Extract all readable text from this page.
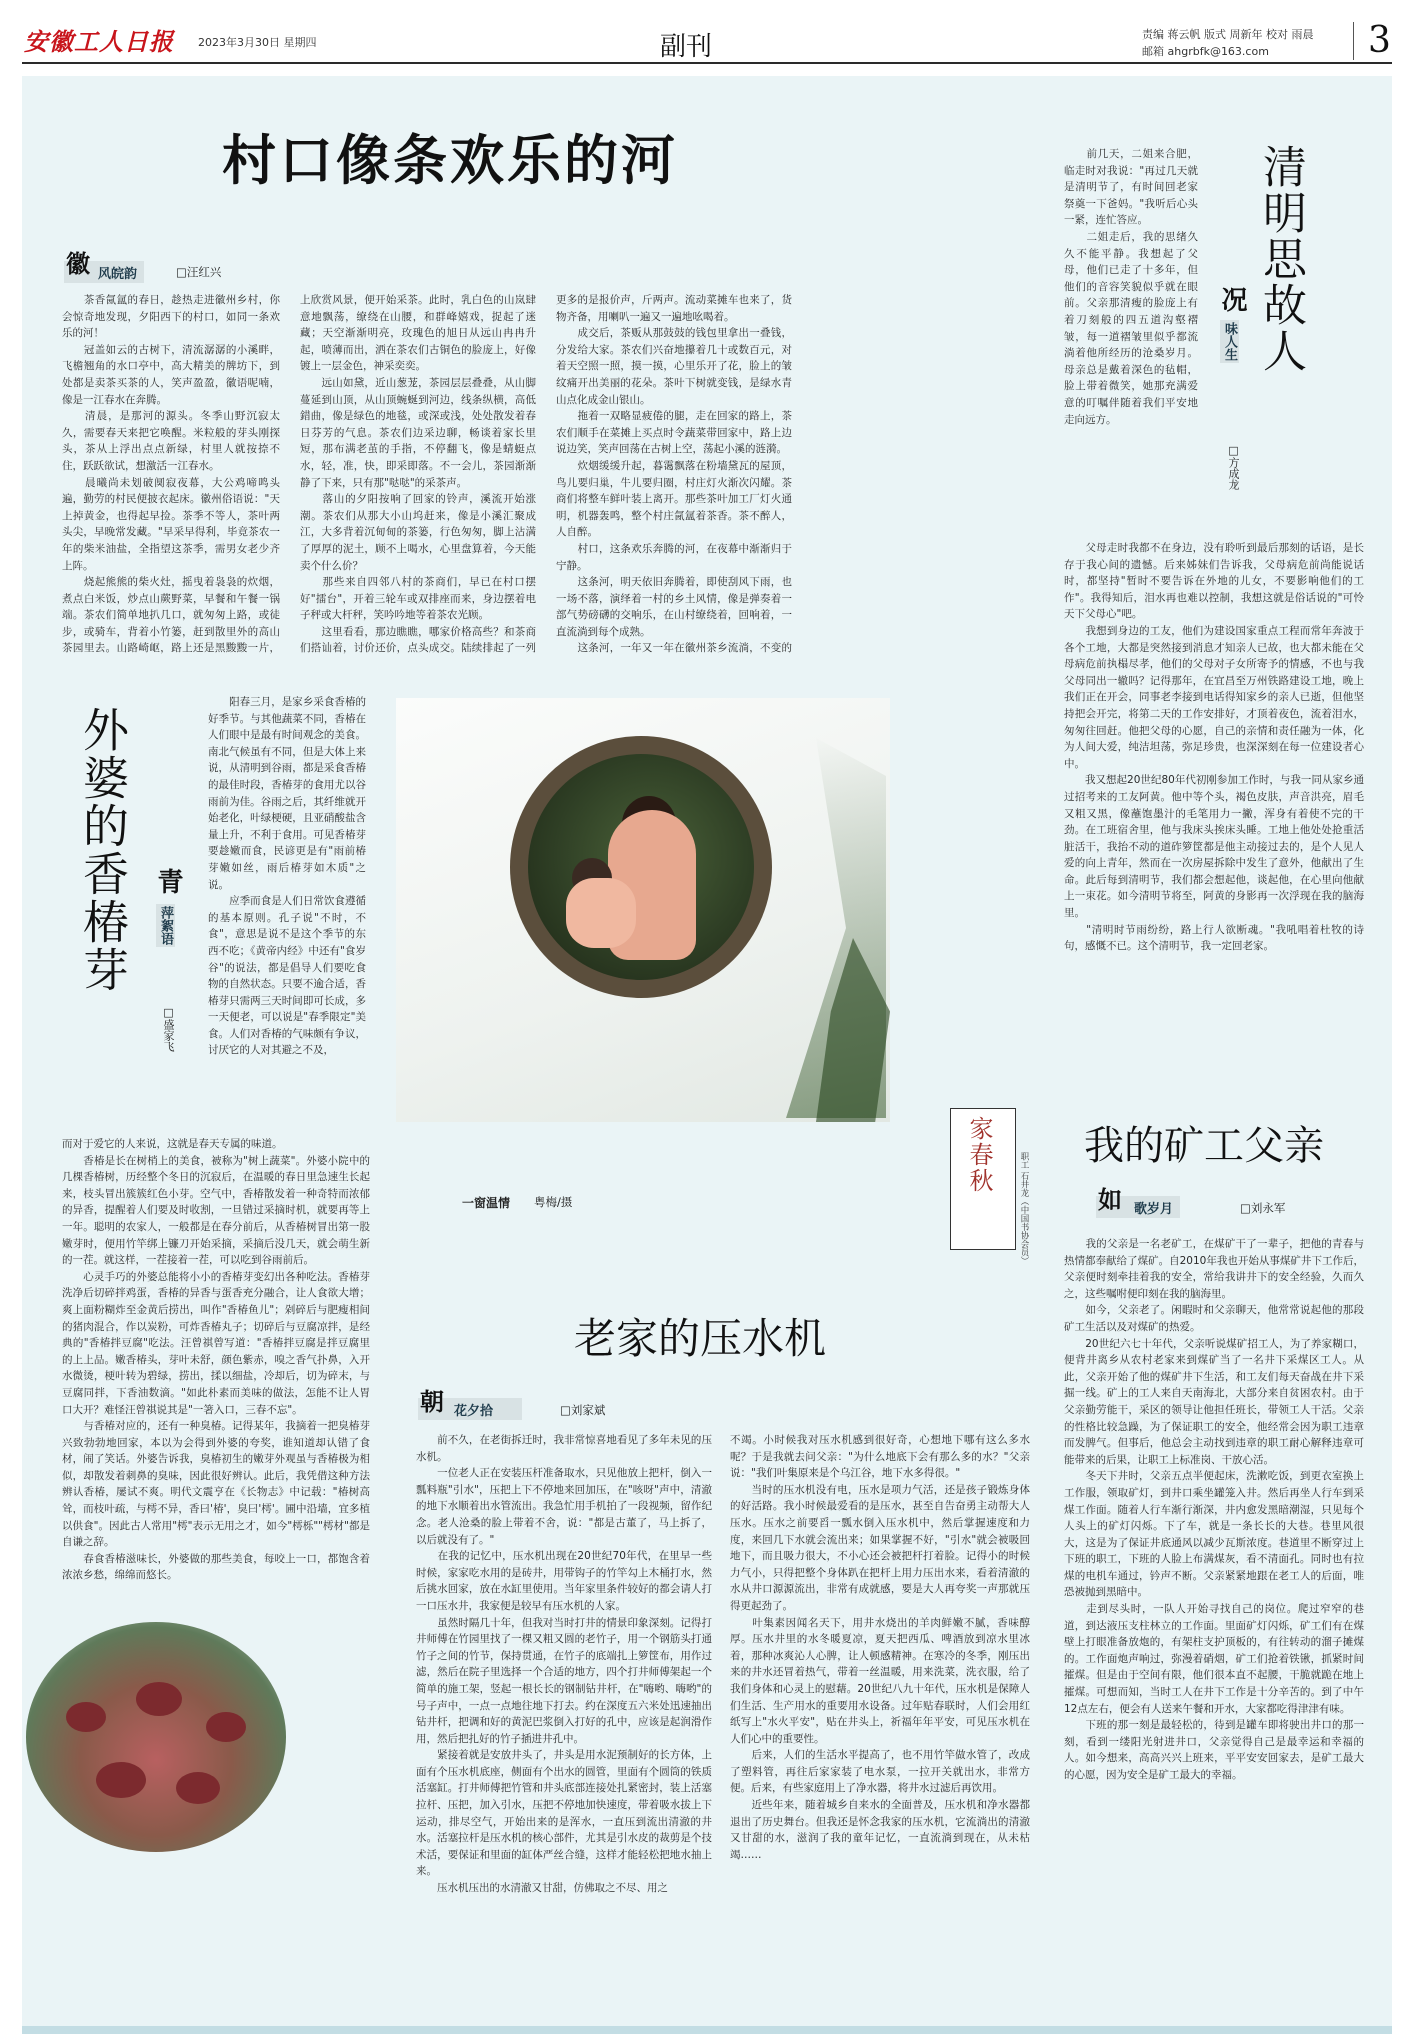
安徽工人日报 2023年3月30日 星期四	副刊	责编 蒋云帆 版式 周新年 校对 雨晨
邮箱 ahgrbfk@163.com	3
村口像条欢乐的河
徽 风皖韵	□汪红兴
　　茶香氤氲的春日，趁热走进徽州乡村，你会惊奇地发现，夕阳西下的村口，如同一条欢乐的河！
　　冠盖如云的古树下，清流潺潺的小溪畔，飞檐翘角的水口亭中，高大精美的牌坊下，到处都是卖茶买茶的人，笑声盈盈，徽语呢喃，像是一江春水在奔腾。
　　清晨，是那河的源头。冬季山野沉寂太久，需要春天来把它唤醒。米粒般的芽头刚探头，茶从上浮出点点新绿，村里人就按捺不住，跃跃欲试，想激活一江春水。
　　晨曦尚未划破阒寂夜幕，大公鸡啼鸣头遍，勤劳的村民便披衣起床。徽州俗语说："天上掉黄金，也得起早捡。茶季不等人，茶叶两头尖，早晚常发藏。"早采早得利，毕竟茶农一年的柴米油盐，全指望这茶季，需男女老少齐上阵。
　　烧起熊熊的柴火灶，摇曳着袅袅的炊烟，煮点白米饭，炒点山蕨野菜，早餐和午餐一锅端。茶农们简单地扒几口，就匆匆上路，或徒步，或骑车，背着小竹篓，赶到散里外的高山茶园里去。山路崎岖，路上还是黑黢黢一片，

上欣赏风景，便开始采茶。此时，乳白色的山岚肆意地飘荡，缭绕在山腰，和群峰嬉戏，捉起了迷藏；天空渐渐明亮，玫瑰色的旭日从远山冉冉升起，喷薄而出，洒在茶农们古铜色的脸庞上，好像镀上一层金色，神采奕奕。
　　远山如黛，近山葱茏，茶园层层叠叠，从山脚蔓延到山顶，从山顶蜿蜒到河边，线条纵横，高低錯曲，像是绿色的地毯，或深或浅，处处散发着春日芬芳的气息。茶农们边采边聊，畅谈着家长里短，那布满老茧的手指，不停翻飞，像是蜻蜓点水，轻，准，快，即采即落。不一会儿，茶园渐渐静了下来，只有那"哒哒"的采茶声。
　　落山的夕阳按响了回家的铃声，溪流开始涨潮。茶农们从那大小山坞赶来，像是小溪汇聚成江，大多背着沉甸甸的茶篓，行色匆匆，脚上沾满了厚厚的泥土，顾不上喝水，心里盘算着，今天能卖个什么价？
　　那些来自四邻八村的茶商们，早已在村口摆好"擂台"，开着三轮车或双排座而来，身边摆着电子秤或大杆秤，笑吟吟地等着茶农光顾。
　　这里看看，那边瞧瞧，哪家价格高些？和茶商们搭讪着，讨价还价，点头成交。陆续排起了一列
更多的是报价声，斤两声。流动菜摊车也来了，货物齐备，用喇叭一遍又一遍地吆喝着。
　　成交后，茶贩从那鼓鼓的钱包里拿出一叠钱，分发给大家。茶农们兴奋地攥着几十或数百元，对着天空照一照，摸一摸，心里乐开了花，脸上的皱纹痛开出美丽的花朵。茶叶下树就变钱，是绿水青山点化成金山银山。
　　拖着一双略显疲倦的腿，走在回家的路上，茶农们顺手在菜摊上买点时令蔬菜带回家中，路上边说边笑，笑声回荡在古树上空，荡起小溪的涟漪。
　　炊烟缓缓升起，暮霭飘落在粉墙黛瓦的屋顶，鸟儿要归巢，牛儿要归圈，村庄灯火渐次闪耀。茶商们将整车鲜叶装上离开。那些茶叶加工厂灯火通明，机器轰鸣，整个村庄氤氲着茶香。茶不醉人，人自醉。
　　村口，这条欢乐奔腾的河，在夜幕中渐渐归于宁静。
　　这条河，明天依旧奔腾着，即使刮风下雨，也一场不落，演绎着一村的乡土风情，像是弹奏着一部气势磅礴的交响乐，在山村缭绕着，回响着，一直流淌到每个成熟。
　　这条河，一年又一年在徽州茶乡流淌，不变的
清明思故人
况
味人生
□方成龙
　　前几天，二姐来合肥，临走时对我说："再过几天就是清明节了，有时间回老家祭奠一下爸妈。"我听后心头一紧，连忙答应。
　　二姐走后，我的思绪久久不能平静。我想起了父母，他们已走了十多年，但他们的音容笑貌似乎就在眼前。父亲那清瘦的脸庞上有着刀刻般的四五道沟壑褶皱，每一道褶皱里似乎都流淌着他所经历的沧桑岁月。母亲总是戴着深色的毡帽，脸上带着微笑，她那充满爱意的叮嘱伴随着我们平安地走向远方。
　　父母走时我都不在身边，没有聆听到最后那刻的话语，是长存于我心间的遗憾。后来姊妹们告诉我，父母病危前尚能说话时，都坚持"暂时不要告诉在外地的儿女，不要影响他们的工作"。我得知后，泪水再也难以控制，我想这就是俗话说的"可怜天下父母心"吧。
　　我想到身边的工友，他们为建设国家重点工程而常年奔波于各个工地，大都是突然接到消息才知亲人已故，也大都未能在父母病危前执榻尽孝，他们的父母对子女所寄予的情感，不也与我父母同出一辙吗？记得那年，在宜昌至万州铁路建设工地，晚上我们正在开会，同事老李接到电话得知家乡的亲人已逝，但他坚持把会开完，将第二天的工作安排好，才顶着夜色，流着泪水，匆匆往回赶。他把父母的心愿，自己的亲情和责任融为一体，化为人间大爱，纯洁坦荡，弥足珍贵，也深深刻在每一位建设者心中。
　　我又想起20世纪80年代初刚参加工作时，与我一同从家乡通过招考来的工友阿黄。他中等个头，褐色皮肤，声音洪亮，眉毛又粗又黑，像蘸饱墨汁的毛笔用力一撇，浑身有着使不完的干劲。在工班宿舍里，他与我床头挨床头睡。工地上他处处抢重活脏活干，我抬不动的道砟箩筐都是他主动接过去的，是个人见人爱的向上青年，然而在一次房屋拆除中发生了意外，他献出了生命。此后每到清明节，我们都会想起他，谈起他，在心里向他献上一束花。如今清明节将至，阿黄的身影再一次浮现在我的脑海里。
　　"清明时节雨纷纷，路上行人欲断魂。"我吼唱着杜牧的诗句，感慨不已。这个清明节，我一定回老家。
外婆的香椿芽 青
萍絮语
□盛家飞
　　阳春三月，是家乡采食香椿的好季节。与其他蔬菜不同，香椿在人们眼中是最有时间观念的美食。南北气候虽有不同，但是大体上来说，从清明到谷雨，都是采食香椿的最佳时段，香椿芽的食用尤以谷雨前为佳。谷雨之后，其纤维就开始老化，叶绿梗硬，且亚硝酸盐含量上升，不利于食用。可见香椿芽要趁嫩而食，民谚更是有"雨前椿芽嫩如丝，雨后椿芽如木质"之说。
　　应季而食是人们日常饮食遵循的基本原则。孔子说"不时，不食"，意思是说不是这个季节的东西不吃；《黄帝内经》中还有"食岁谷"的说法，都是倡导人们要吃食物的自然状态。只要不逾合适，香椿芽只需两三天时间即可长成，多一天便老，可以说是"春季限定"美食。人们对香椿的气味颇有争议，讨厌它的人对其避之不及，
而对于爱它的人来说，这就是春天专属的味道。
　　香椿是长在树梢上的美食，被称为"树上蔬菜"。外婆小院中的几棵香椿树，历经整个冬日的沉寂后，在温暖的春日里急速生长起来，枝头冒出簇簇红色小芽。空气中，香椿散发着一种奇特而浓郁的异香，提醒着人们要及时收割，一旦错过采摘时机，就要再等上一年。聪明的农家人，一般都是在春分前后，从香椿树冒出第一股嫩芽时，便用竹竿绑上镰刀开始采摘，采摘后没几天，就会萌生新的一茬。就这样，一茬接着一茬，可以吃到谷雨前后。
　　心灵手巧的外婆总能将小小的香椿芽变幻出各种吃法。香椿芽洗净后切碎拌鸡蛋，香椿的异香与蛋香充分融合，让人食欲大增；爽上面粉糊炸至金黄后捞出，叫作"香椿鱼儿"；剁碎后与肥瘦相间的猪肉混合，作以炭粉，可炸香椿丸子；切碎后与豆腐凉拌，是经典的"香椿拌豆腐"吃法。汪曾祺曾写道："香椿拌豆腐是拌豆腐里的上上品。嫩香椿头，芽叶未舒，颜色紫赤，嗅之香气扑鼻，入开水微烫，梗叶转为碧绿，捞出，揉以细盐，冷却后，切为碎末，与豆腐同拌，下香油数滴。"如此朴素而美味的做法，怎能不让人胃口大开？难怪汪曾祺说其是"一箸入口，三春不忘"。
　　与香椿对应的，还有一种臭椿。记得某年，我摘着一把臭椿芽兴致勃勃地回家，本以为会得到外婆的夸奖，谁知道却认错了食材，闹了笑话。外婆告诉我，臭椿初生的嫩芽外观虽与香椿极为相似，却散发着刺鼻的臭味，因此很好辨认。此后，我凭借这种方法辨认香椿，屡试不爽。明代文震亨在《长物志》中记载："椿树高耸，而枝叶疏，与樗不异，香曰'椿'，臭曰'樗'。圃中沿墙，宜多植以供食"。因此古人常用"樗"表示无用之才，如今"樗栎""樗材"都是自谦之辞。
　　春食香椿滋味长，外婆做的那些美食，每咬上一口，都饱含着浓浓乡愁，绵绵而悠长。
一窗温情 粤梅/摄
家春秋	职工 石井龙（中国书协会员）
我的矿工父亲
如 歌岁月	□刘永军
　　我的父亲是一名老矿工，在煤矿干了一辈子，把他的青春与热情都奉献给了煤矿。自2010年我也开始从事煤矿井下工作后，父亲便时刻牵挂着我的安全，常给我讲井下的安全经验，久而久之，这些嘱咐便印刻在我的脑海里。
　　如今，父亲老了。闲暇时和父亲聊天，他常常说起他的那段矿工生活以及对煤矿的热爱。
　　20世纪六七十年代，父亲听说煤矿招工人，为了养家糊口，便背井离乡从农村老家来到煤矿当了一名井下采煤区工人。从此，父亲开始了他的煤矿井下生活，和工友们每天奋战在井下采掘一线。矿上的工人来自天南海北，大部分来自贫困农村。由于父亲勤劳能干，采区的领导让他担任班长，带领工人干活。父亲的性格比较急躁，为了保证职工的安全，他经常会因为职工违章而发脾气。但事后，他总会主动找到违章的职工耐心解释违章可能带来的后果，让职工上标准岗、干放心活。
　　冬天下井时，父亲五点半便起床，洗漱吃饭，到更衣室换上工作服，领取矿灯，到井口乘坐罐笼入井。然后再坐人行车到采煤工作面。随着人行车渐行渐深，井内愈发黑暗潮湿，只见每个人头上的矿灯闪烁。下了车，就是一条长长的大巷。巷里风很大，这是为了保证井底通风以减少瓦斯浓度。巷道里不断穿过上下班的职工，下班的人脸上布满煤灰，看不清面孔。同时也有拉煤的电机车通过，钤声不断。父亲紧紧地跟在老工人的后面，唯恐被抛到黑暗中。
　　走到尽头时，一队人开始寻找自己的岗位。爬过窄窄的巷道，到达液压支柱林立的工作面。里面矿灯闪烁，矿工们有在煤壁上打眼准备放炮的，有架柱支护顶板的，有往转动的溜子摊煤的。工作面炮声响过，弥漫着硝烟，矿工们抢着铁锹，抓紧时间攉煤。但是由于空间有限，他们很本直不起腰，干脆就跪在地上攉煤。可想而知，当时工人在井下工作是十分辛苦的。到了中午12点左右，便会有人送来午餐和开水，大家都吃得津津有味。
　　下班的那一刻是最轻松的，待到是罐车即将驶出井口的那一刻，看到一缕阳光射进井口，父亲觉得自己是最幸运和幸福的人。如今想来，高高兴兴上班来，平平安安回家去，是矿工最大的心愿，因为安全是矿工最大的幸福。
老家的压水机
朝 花夕拾	□刘家斌
　　前不久，在老街拆迁时，我非常惊喜地看见了多年未见的压水机。
　　一位老人正在安装压杆准备取水，只见他放上把杆，倒入一瓢料瓶"引水"，压把上下不停地来回加压，在"咳呀"声中，清澈的地下水顺着出水管流出。我急忙用手机拍了一段视频，留作纪念。老人沧桑的脸上带着不舍，说："都是古董了，马上拆了，以后就没有了。"
　　在我的记忆中，压水机出现在20世纪70年代，在里早一些时候，家家吃水用的是砖井，用带钩子的竹竿勾上木桶打水，然后挑水回家，放在水缸里使用。当年家里条件较好的都会请人打一口压水井，我家便是较早有压水机的人家。
　　虽然时隔几十年，但我对当时打井的情景印象深刻。记得打井师傅在竹园里找了一棵又粗又圆的老竹子，用一个钢筋头打通竹子之间的竹节，保持贯通，在竹子的底端扎上箩筐布，用作过滤，然后在院子里选择一个合适的地方，四个打井师傅架起一个简单的施工架，竖起一根长长的钢制钻井杆，在"嗨哟、嗨哟"的号子声中，一点一点地往地下打去。约在深度五六米处迅速抽出钻井杆，把调和好的黄泥巴浆倒入打好的孔中，应该是起润滑作用，然后把扎好的竹子插进井孔中。
　　紧接着就是安放井头了，井头是用水泥预制好的长方体，上面有个压水机底座，侧面有个出水的圆管，里面有个圆筒的铁质活塞缸。打井师傅把竹管和井头底部连接处扎紧密封，装上活塞拉杆、压把，加入引水，压把不停地加快速度，带着吸水拔上下运动，排尽空气，开始出来的是浑水，一直压到流出清澈的井水。活塞拉杆是压水机的核心部件，尤其是引水皮的裁剪是个技术活，要保证和里面的缸体严丝合缝，这样才能轻松把地水抽上来。
　　压水机压出的水清澈又甘甜，仿佛取之不尽、用之
不竭。小时候我对压水机感到很好奇，心想地下哪有这么多水呢？于是我就去问父亲："为什么地底下会有那么多的水？"父亲说："我们叶集原来是个乌江谷，地下水多得很。"
　　当时的压水机没有电，压水是项力气活，还是孩子锻炼身体的好活路。我小时候最爱看的是压水，甚至自告奋勇主动帮大人压水。压水之前要舀一瓢水倒入压水机中，然后掌握速度和力度，来回几下水就会流出来；如果掌握不好，"引水"就会被吸回地下，而且吸力很大，不小心还会被把杆打着脸。记得小的时候力气小，只得把整个身体趴在把杆上用力压出水来，看着清澈的水从井口源源流出，非常有成就感，要是大人再夸奖一声那就压得更起劲了。
　　叶集素因闻名天下，用井水烧出的羊肉鲜嫩不腻，香味醇厚。压水井里的水冬暖夏凉，夏天把西瓜、啤酒放到凉水里冰着，那种冰爽沁人心脾，让人顿感精神。在寒冷的冬季，刚压出来的井水还冒着热气，带着一丝温暖，用来洗菜，洗衣服，给了我们身体和心灵上的慰藉。20世纪八九十年代，压水机是保障人们生活、生产用水的重要用水设备。过年贴春联时，人们会用红纸写上"水火平安"，贴在井头上，祈福年年平安，可见压水机在人们心中的重要性。
　　后来，人们的生活水平提高了，也不用竹竿做水管了，改成了塑料管，再往后家家装了电水泵，一拉开关就出水，非常方便。后来，有些家庭用上了净水器，将井水过滤后再饮用。
　　近些年来，随着城乡自来水的全面普及，压水机和净水器都退出了历史舞台。但我还是怀念我家的压水机，它流淌出的清澈又甘甜的水，滋润了我的童年记忆，一直流淌到现在，从未枯竭……
